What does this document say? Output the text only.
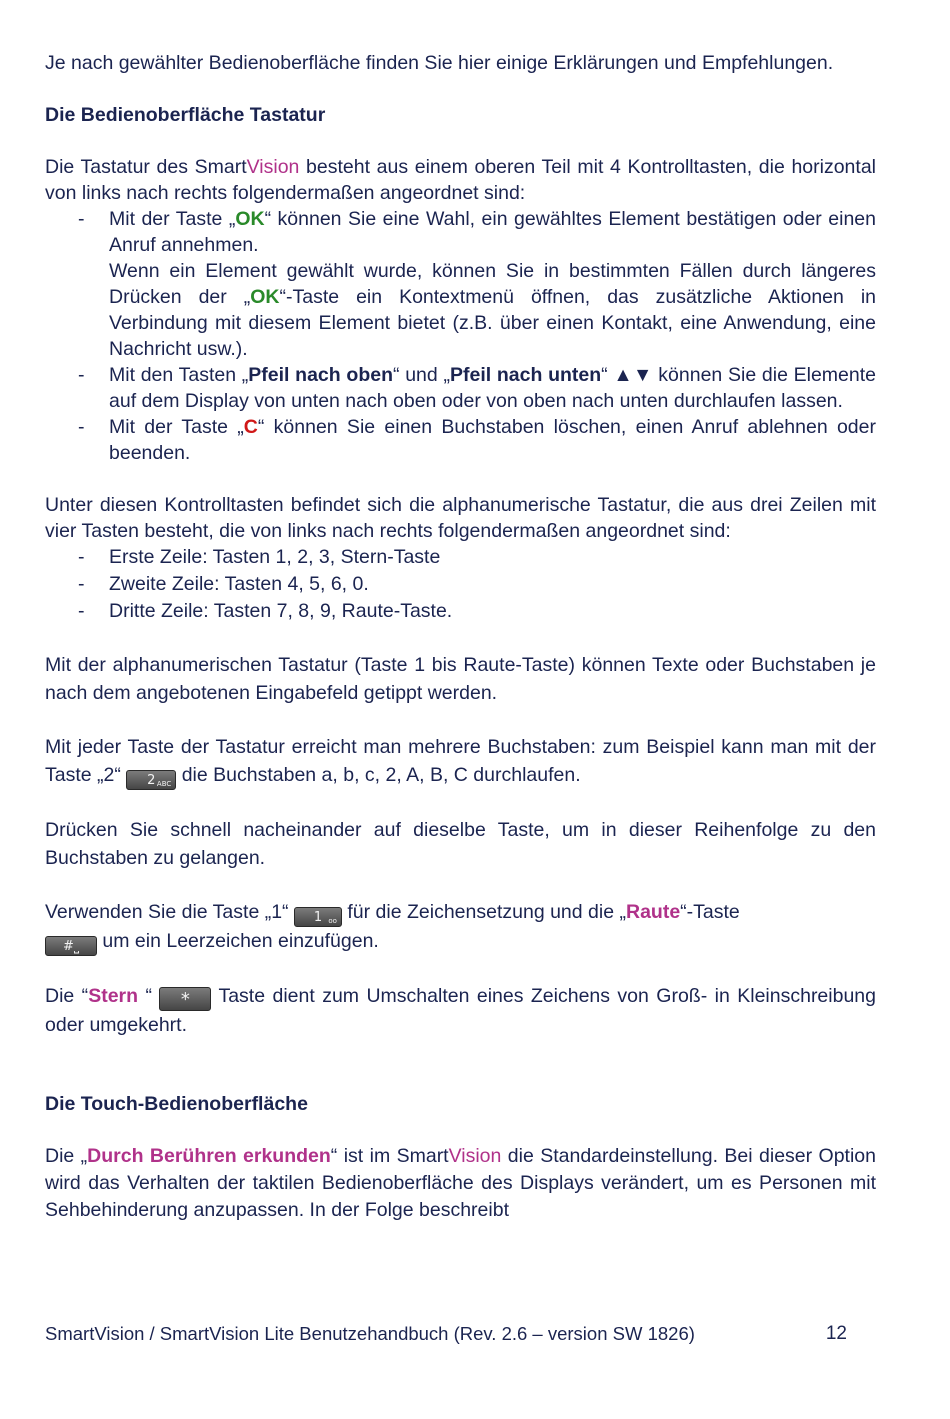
Je nach gewählter Bedienoberfläche finden Sie hier einige Erklärungen und Empfehlungen.

Die Bedienoberfläche Tastatur

Die Tastatur des SmartVision besteht aus einem oberen Teil mit 4 Kontrolltasten, die horizontal von links nach rechts folgendermaßen angeordnet sind:

- Mit der Taste „OK“ können Sie eine Wahl, ein gewähltes Element bestätigen oder einen Anruf annehmen.
Wenn ein Element gewählt wurde, können Sie in bestimmten Fällen durch längeres Drücken der „OK“-Taste ein Kontextmenü öffnen, das zusätzliche Aktionen in Verbindung mit diesem Element bietet (z.B. über einen Kontakt, eine Anwendung, eine Nachricht usw.).
- Mit den Tasten „Pfeil nach oben“ und „Pfeil nach unten“ ▲▼ können Sie die Elemente auf dem Display von unten nach oben oder von oben nach unten durchlaufen lassen.
- Mit der Taste „C“ können Sie einen Buchstaben löschen, einen Anruf ablehnen oder beenden.

Unter diesen Kontrolltasten befindet sich die alphanumerische Tastatur, die aus drei Zeilen mit vier Tasten besteht, die von links nach rechts folgendermaßen angeordnet sind:

- Erste Zeile: Tasten 1, 2, 3, Stern-Taste
- Zweite Zeile: Tasten 4, 5, 6, 0.
- Dritte Zeile: Tasten 7, 8, 9, Raute-Taste.

Mit der alphanumerischen Tastatur (Taste 1 bis Raute-Taste) können Texte oder Buchstaben je nach dem angebotenen Eingabefeld getippt werden.

Mit jeder Taste der Tastatur erreicht man mehrere Buchstaben: zum Beispiel kann man mit der Taste „2“ 2 ABC die Buchstaben a, b, c, 2, A, B, C durchlaufen.

Drücken Sie schnell nacheinander auf dieselbe Taste, um in dieser Reihenfolge zu den Buchstaben zu gelangen.

Verwenden Sie die Taste „1“ 1 oo für die Zeichensetzung und die „Raute“-Taste
#⎵ um ein Leerzeichen einzufügen.

Die “Stern “ * Taste dient zum Umschalten eines Zeichens von Groß- in Kleinschreibung oder umgekehrt.

Die Touch-Bedienoberfläche

Die „Durch Berühren erkunden“ ist im SmartVision die Standardeinstellung. Bei dieser Option wird das Verhalten der taktilen Bedienoberfläche des Displays verändert, um es Personen mit Sehbehinderung anzupassen. In der Folge beschreibt

SmartVision / SmartVision Lite Benutzehandbuch (Rev. 2.6 – version SW 1826)	12
